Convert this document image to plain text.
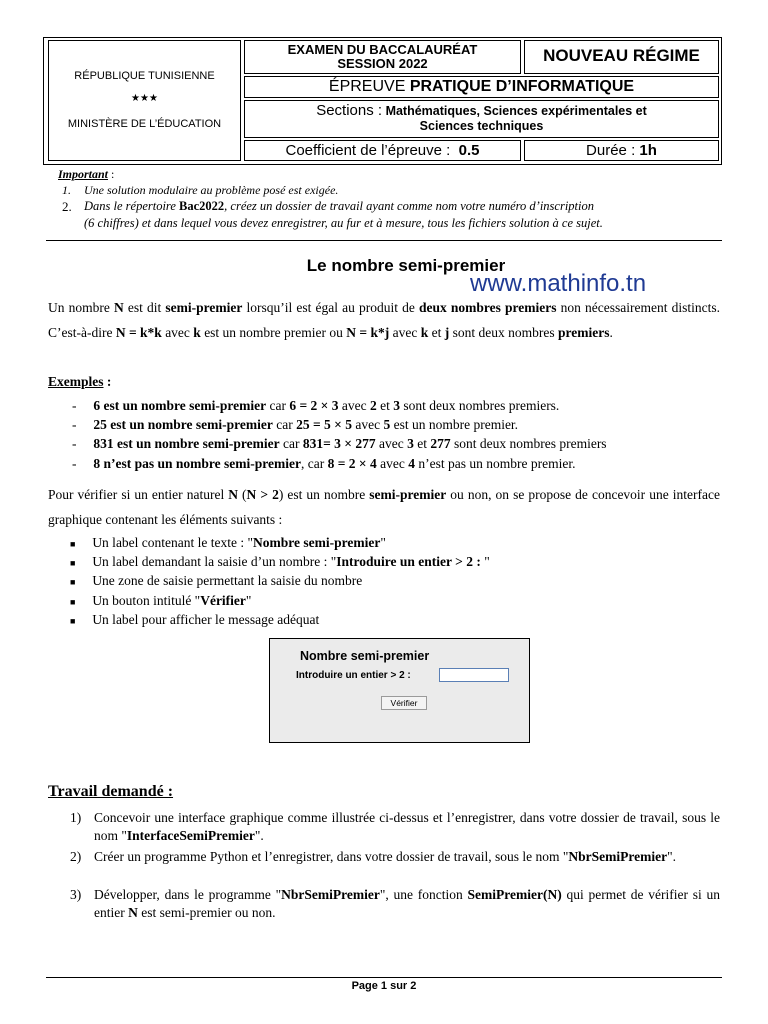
RÉPUBLIQUE TUNISIENNE
★★★
MINISTÈRE DE L’ÉDUCATION
EXAMEN DU BACCALAURÉAT
SESSION 2022	NOUVEAU RÉGIME
ÉPREUVE PRATIQUE D’INFORMATIQUE
Sections : Mathématiques, Sciences expérimentales et
Sciences techniques
Coefficient de l’épreuve : 0.5	Durée : 1h
Important :
1. Une solution modulaire au problème posé est exigée.
2. Dans le répertoire Bac2022, créez un dossier de travail ayant comme nom votre numéro d’inscription
(6 chiffres) et dans lequel vous devez enregistrer, au fur et à mesure, tous les fichiers solution à ce sujet.
Le nombre semi-premier
www.mathinfo.tn
Un nombre N est dit semi-premier lorsqu’il est égal au produit de deux nombres premiers non nécessairement distincts. C’est-à-dire N = k*k avec k est un nombre premier ou N = k*j avec k et j sont deux nombres premiers.
Exemples :
- 6 est un nombre semi-premier car 6 = 2 × 3 avec 2 et 3 sont deux nombres premiers.
- 25 est un nombre semi-premier car 25 = 5 × 5 avec 5 est un nombre premier.
- 831 est un nombre semi-premier car 831= 3 × 277 avec 3 et 277 sont deux nombres premiers
- 8 n’est pas un nombre semi-premier, car 8 = 2 × 4 avec 4 n’est pas un nombre premier.
Pour vérifier si un entier naturel N (N > 2) est un nombre semi-premier ou non, on se propose de concevoir une interface graphique contenant les éléments suivants :
■ Un label contenant le texte : "Nombre semi-premier"
■ Un label demandant la saisie d’un nombre : "Introduire un entier > 2 : "
■ Une zone de saisie permettant la saisie du nombre
■ Un bouton intitulé "Vérifier"
■ Un label pour afficher le message adéquat
Nombre semi-premier
Introduire un entier > 2 :
Vérifier
Travail demandé :
1) Concevoir une interface graphique comme illustrée ci-dessus et l’enregistrer, dans votre dossier de travail, sous le nom "InterfaceSemiPremier".
2) Créer un programme Python et l’enregistrer, dans votre dossier de travail, sous le nom "NbrSemiPremier".
3) Développer, dans le programme "NbrSemiPremier", une fonction SemiPremier(N) qui permet de vérifier si un entier N est semi-premier ou non.
Page 1 sur 2
